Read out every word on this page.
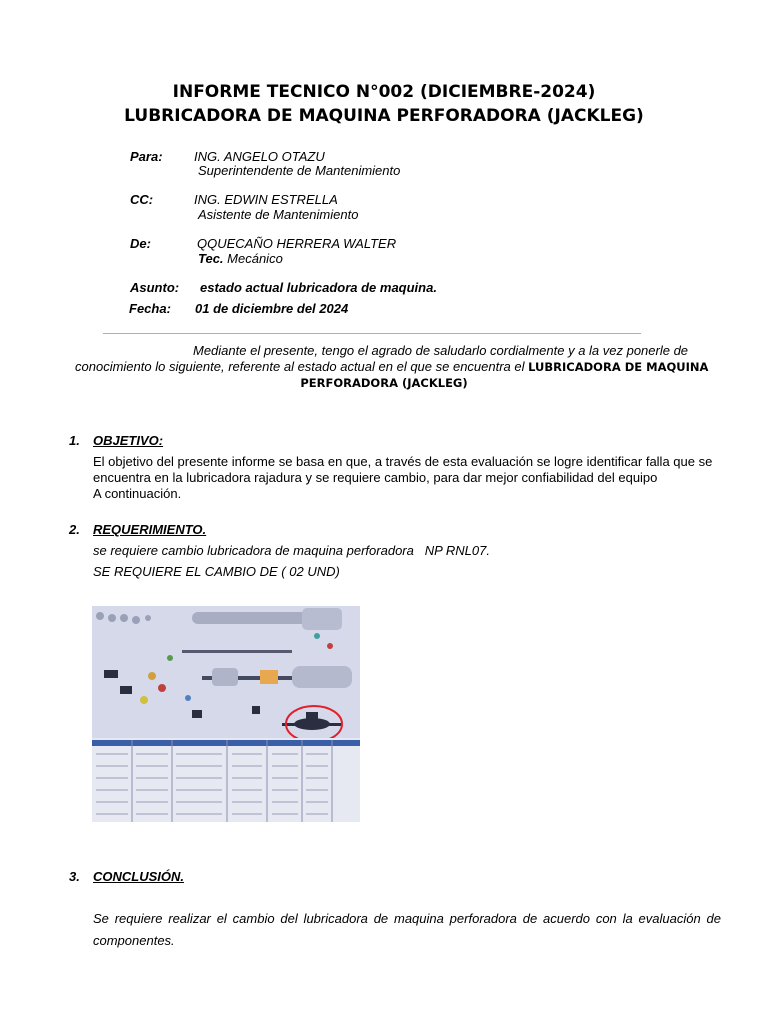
INFORME TECNICO N°002 (DICIEMBRE-2024)
LUBRICADORA DE MAQUINA PERFORADORA (JACKLEG)
Para: ING. ANGELO OTAZU
Superintendente de Mantenimiento
CC:	ING. EDWIN ESTRELLA
Asistente de Mantenimiento
De:	QQUECAÑO HERRERA WALTER
Tec. Mecánico
Asunto: estado actual lubricadora de maquina.
Fecha: 01 de diciembre del 2024
Mediante el presente, tengo el agrado de saludarlo cordialmente y a la vez ponerle de
conocimiento lo siguiente, referente al estado actual en el que se encuentra el LUBRICADORA DE MAQUINA
PERFORADORA (JACKLEG)
1. OBJETIVO:
El objetivo del presente informe se basa en que, a través de esta evaluación se logre identificar falla que se
encuentra en la lubricadora rajadura y se requiere cambio, para dar mejor confiabilidad del equipo
A continuación.
2. REQUERIMIENTO.
se requiere cambio lubricadora de maquina perforadora   NP RNL07.
SE REQUIERE EL CAMBIO DE ( 02 UND)
3. CONCLUSIÓN.
Se requiere realizar el cambio del lubricadora de maquina perforadora de acuerdo con la evaluación de
componentes.
